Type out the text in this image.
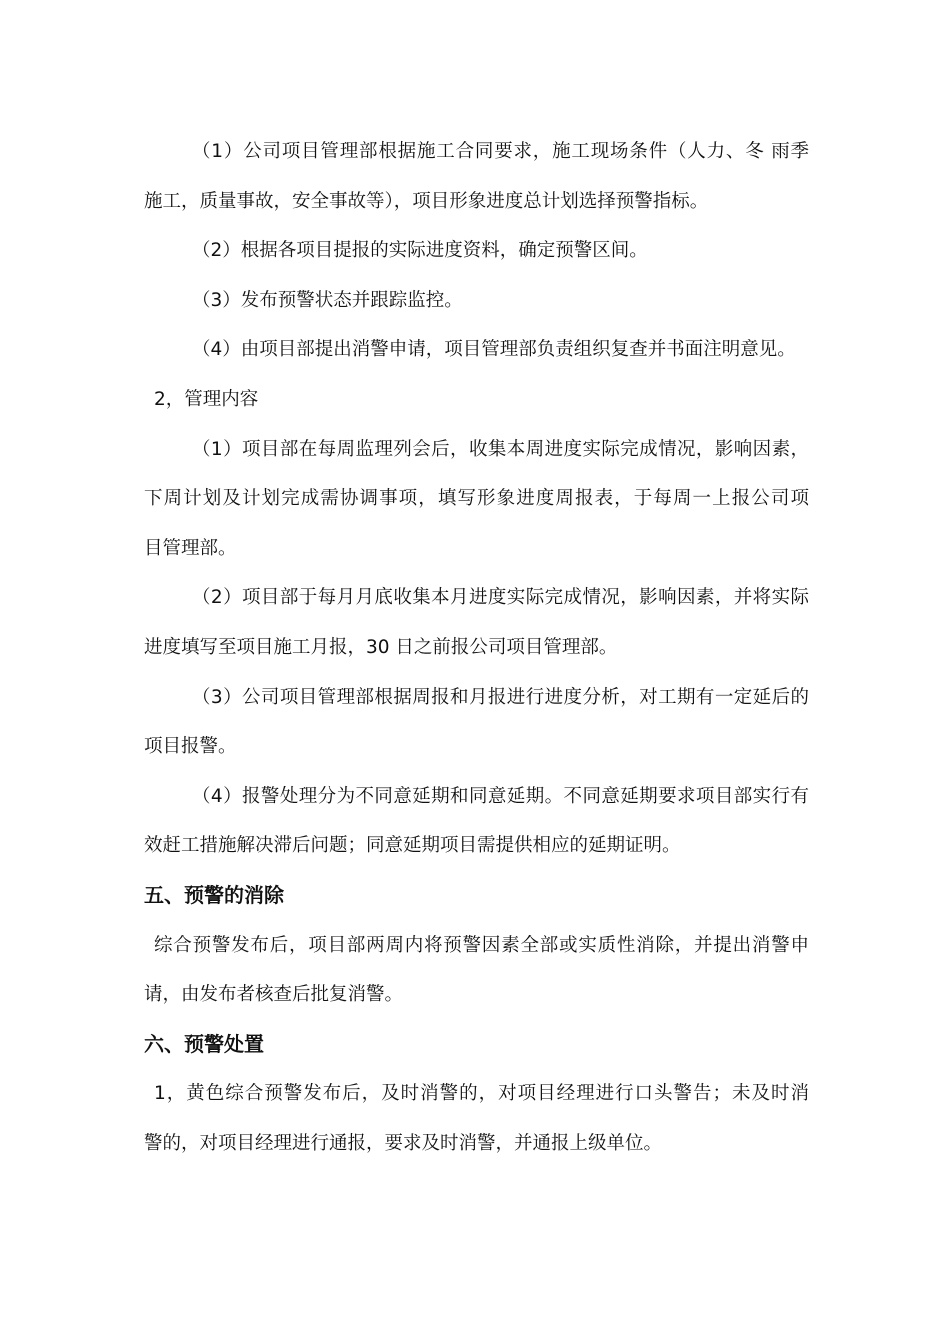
（1）公司项目管理部根据施工合同要求，施工现场条件（人力、冬 雨季
施工，质量事故，安全事故等），项目形象进度总计划选择预警指标。
（2）根据各项目提报的实际进度资料，确定预警区间。
（3）发布预警状态并跟踪监控。
（4）由项目部提出消警申请，项目管理部负责组织复查并书面注明意见。
2，管理内容
（1）项目部在每周监理列会后，收集本周进度实际完成情况，影响因素，
下周计划及计划完成需协调事项，填写形象进度周报表，于每周一上报公司项
目管理部。
（2）项目部于每月月底收集本月进度实际完成情况，影响因素，并将实际
进度填写至项目施工月报，30 日之前报公司项目管理部。
（3）公司项目管理部根据周报和月报进行进度分析，对工期有一定延后的
项目报警。
（4）报警处理分为不同意延期和同意延期。不同意延期要求项目部实行有
效赶工措施解决滞后问题；同意延期项目需提供相应的延期证明。
五、预警的消除
综合预警发布后，项目部两周内将预警因素全部或实质性消除，并提出消警申
请，由发布者核查后批复消警。
六、预警处置
1，黄色综合预警发布后，及时消警的，对项目经理进行口头警告；未及时消
警的，对项目经理进行通报，要求及时消警，并通报上级单位。
